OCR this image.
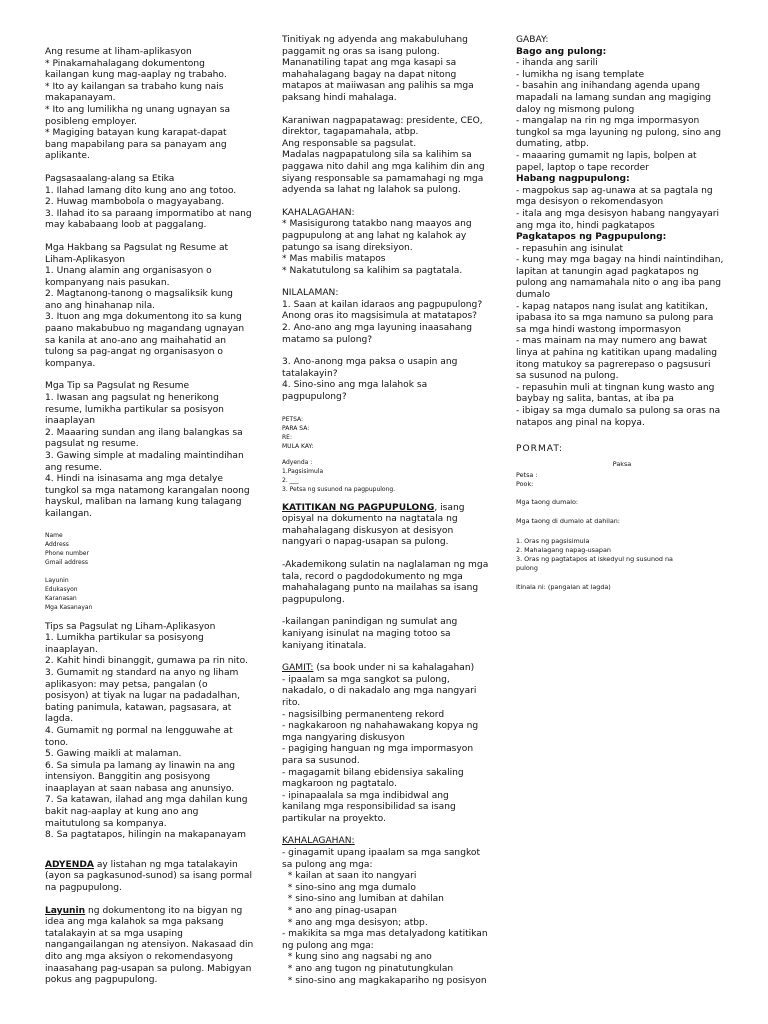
Ang resume at liham-aplikasyon
* Pinakamahalagang dokumentong
kailangan kung mag-aaplay ng trabaho.
* Ito ay kailangan sa trabaho kung nais
makapanayam.
* Ito ang lumilikha ng unang ugnayan sa
posibleng employer.
* Magiging batayan kung karapat-dapat
bang mapabilang para sa panayam ang
aplikante.
Pagsasaalang-alang sa Etika
1. Ilahad lamang dito kung ano ang totoo.
2. Huwag mambobola o magyayabang.
3. Ilahad ito sa paraang impormatibo at nang
may kababaang loob at paggalang.
Mga Hakbang sa Pagsulat ng Resume at
Liham-Aplikasyon
1. Unang alamin ang organisasyon o
kompanyang nais pasukan.
2. Magtanong-tanong o magsaliksik kung
ano ang hinahanap nila.
3. Ituon ang mga dokumentong ito sa kung
paano makabubuo ng magandang ugnayan
sa kanila at ano-ano ang maihahatid an
tulong sa pag-angat ng organisasyon o
kompanya.
Mga Tip sa Pagsulat ng Resume
1. Iwasan ang pagsulat ng henerikong
resume, lumikha partikular sa posisyon
inaaplayan
2. Maaaring sundan ang ilang balangkas sa
pagsulat ng resume.
3. Gawing simple at madaling maintindihan
ang resume.
4. Hindi na isinasama ang mga detalye
tungkol sa mga natamong karangalan noong
hayskul, maliban na lamang kung talagang
kailangan.
Name
Address
Phone number
Gmail address
Layunin
Edukasyon
Karanasan
Mga Kasanayan
Tips sa Pagsulat ng Liham-Aplikasyon
1. Lumikha partikular sa posisyong
inaaplayan.
2. Kahit hindi binanggit, gumawa pa rin nito.
3. Gumamit ng standard na anyo ng liham
aplikasyon: may petsa, pangalan (o
posisyon) at tiyak na lugar na padadalhan,
bating panimula, katawan, pagsasara, at
lagda.
4. Gumamit ng pormal na lengguwahe at
tono.
5. Gawing maikli at malaman.
6. Sa simula pa lamang ay linawin na ang
intensiyon. Banggitin ang posisyong
inaaplayan at saan nabasa ang anunsiyo.
7. Sa katawan, ilahad ang mga dahilan kung
bakit nag-aaplay at kung ano ang
maitutulong sa kompanya.
8. Sa pagtatapos, hilingin na makapanayam
ADYENDA ay listahan ng mga tatalakayin
(ayon sa pagkasunod-sunod) sa isang pormal
na pagpupulong.
Layunin ng dokumentong ito na bigyan ng
idea ang mga kalahok sa mga paksang
tatalakayin at sa mga usaping
nangangailangan ng atensiyon. Nakasaad din
dito ang mga aksiyon o rekomendasyong
inaasahang pag-usapan sa pulong. Mabigyan
pokus ang pagpupulong.
Tinitiyak ng adyenda ang makabuluhang
paggamit ng oras sa isang pulong.
Mananatiling tapat ang mga kasapi sa
mahahalagang bagay na dapat nitong
matapos at maiiwasan ang palihis sa mga
paksang hindi mahalaga.
Karaniwan nagpapatawag: presidente, CEO,
direktor, tagapamahala, atbp.
Ang responsable sa pagsulat.
Madalas nagpapatulong sila sa kalihim sa
paggawa nito dahil ang mga kalihim din ang
siyang responsable sa pamamahagi ng mga
adyenda sa lahat ng lalahok sa pulong.
KAHALAGAHAN:
* Masisigurong tatakbo nang maayos ang
pagpupulong at ang lahat ng kalahok ay
patungo sa isang direksiyon.
* Mas mabilis matapos
* Nakatutulong sa kalihim sa pagtatala.
NILALAMAN:
1. Saan at kailan idaraos ang pagpupulong?
Anong oras ito magsisimula at matatapos?
2. Ano-ano ang mga layuning inaasahang
matamo sa pulong?
3. Ano-anong mga paksa o usapin ang
tatalakayin?
4. Sino-sino ang mga lalahok sa
pagpupulong?
PETSA:
PARA SA:
RE:
MULA KAY:
Adyenda :
1.Pagsisimula
2. ___
3. Petsa ng susunod na pagpupulong.
KATITIKAN NG PAGPUPULONG, isang
opisyal na dokumento na nagtatala ng
mahahalagang diskusyon at desisyon
nangyari o napag-usapan sa pulong.
-Akademikong sulatin na naglalaman ng mga
tala, record o pagdodokumento ng mga
mahahalagang punto na mailahas sa isang
pagpupulong.
-kailangan panindigan ng sumulat ang
kaniyang isinulat na maging totoo sa
kaniyang itinatala.
GAMIT: (sa book under ni sa kahalagahan)
- ipaalam sa mga sangkot sa pulong,
nakadalo, o di nakadalo ang mga nangyari
rito.
- nagsisilbing permanenteng rekord
- nagkakaroon ng nahahawakang kopya ng
mga nangyaring diskusyon
- pagiging hanguan ng mga impormasyon
para sa susunod.
- magagamit bilang ebidensiya sakaling
magkaroon ng pagtatalo.
- ipinapaalala sa mga indibidwal ang
kanilang mga responsibilidad sa isang
partikular na proyekto.
KAHALAGAHAN:
- ginagamit upang ipaalam sa mga sangkot
sa pulong ang mga:
* kailan at saan ito nangyari
* sino-sino ang mga dumalo
* sino-sino ang lumiban at dahilan
* ano ang pinag-usapan
* ano ang mga desisyon; atbp.
- makikita sa mga mas detalyadong katitikan
ng pulong ang mga:
* kung sino ang nagsabi ng ano
* ano ang tugon ng pinatutungkulan
* sino-sino ang magkakapariho ng posisyon
GABAY:
Bago ang pulong:
- ihanda ang sarili
- lumikha ng isang template
- basahin ang inihandang agenda upang
mapadali na lamang sundan ang magiging
daloy ng mismong pulong
- mangalap na rin ng mga impormasyon
tungkol sa mga layuning ng pulong, sino ang
dumating, atbp.
- maaaring gumamit ng lapis, bolpen at
papel, laptop o tape recorder
Habang nagpupulong:
- magpokus sap ag-unawa at sa pagtala ng
mga desisyon o rekomendasyon
- itala ang mga desisyon habang nangyayari
ang mga ito, hindi pagkatapos
Pagkatapos ng Pagpupulong:
- repasuhin ang isinulat
- kung may mga bagay na hindi naintindihan,
lapitan at tanungin agad pagkatapos ng
pulong ang namamahala nito o ang iba pang
dumalo
- kapag natapos nang isulat ang katitikan,
ipabasa ito sa mga namuno sa pulong para
sa mga hindi wastong impormasyon
- mas mainam na may numero ang bawat
linya at pahina ng katitikan upang madaling
itong matukoy sa pagrerepaso o pagsusuri
sa susunod na pulong.
- repasuhin muli at tingnan kung wasto ang
baybay ng salita, bantas, at iba pa
- ibigay sa mga dumalo sa pulong sa oras na
natapos ang pinal na kopya.
PORMAT:
Paksa
Petsa :
Pook:
Mga taong dumalo:
Mga taong di dumalo at dahilan:
1. Oras ng pagsisimula
2. Mahalagang napag-usapan
3. Oras ng pagtatapos at iskedyul ng susunod na
pulong
Itinala ni: (pangalan at lagda)
